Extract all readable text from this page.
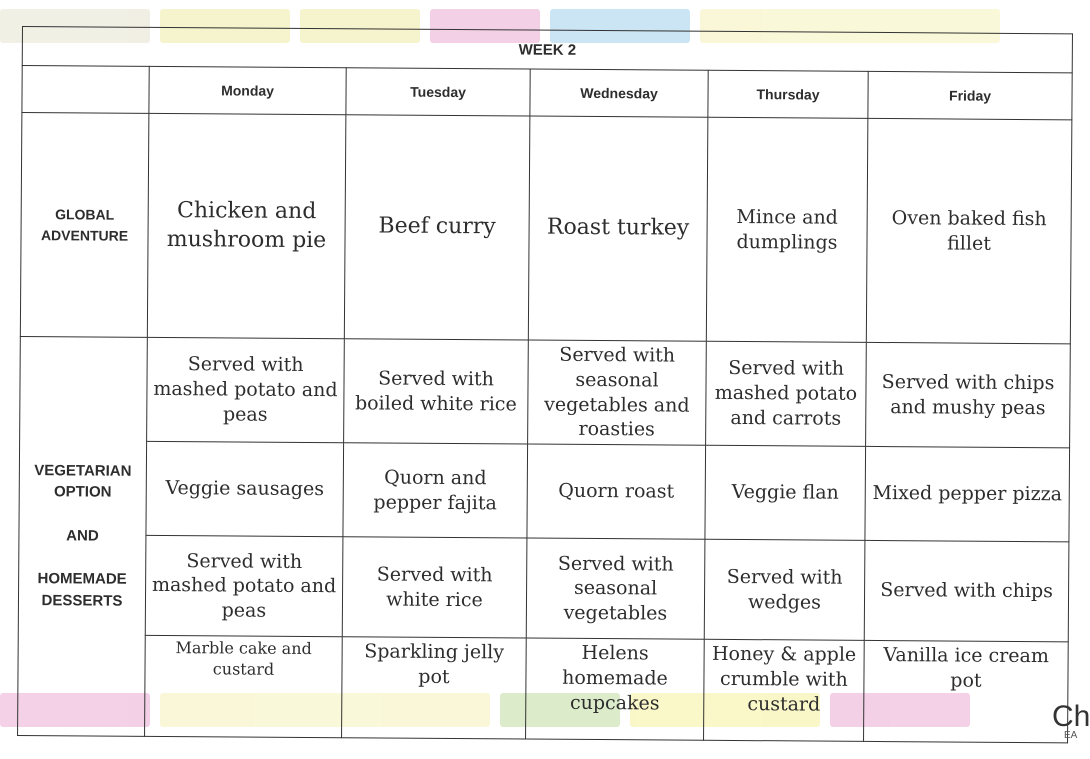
WEEK 2					
	Monday	Tuesday	Wednesday	Thursday	Friday
GLOBAL
ADVENTURE	Chicken and mushroom pie	Beef curry	Roast turkey	Mince and dumplings	Oven baked fish fillet
VEGETARIAN
OPTION

AND

HOMEMADE
DESSERTS	Served with mashed potato and peas	Served with boiled white rice	Served with seasonal vegetables and roasties	Served with mashed potato and carrots	Served with chips and mushy peas
	Veggie sausages	Quorn and pepper fajita	Quorn roast	Veggie flan	Mixed pepper pizza
	Served with mashed potato and peas	Served with white rice	Served with seasonal vegetables	Served with wedges	Served with chips
	Marble cake and custard	Sparkling jelly pot	Helens homemade cupcakes	Honey & apple crumble with custard	Vanilla ice cream pot
Ch
EA
